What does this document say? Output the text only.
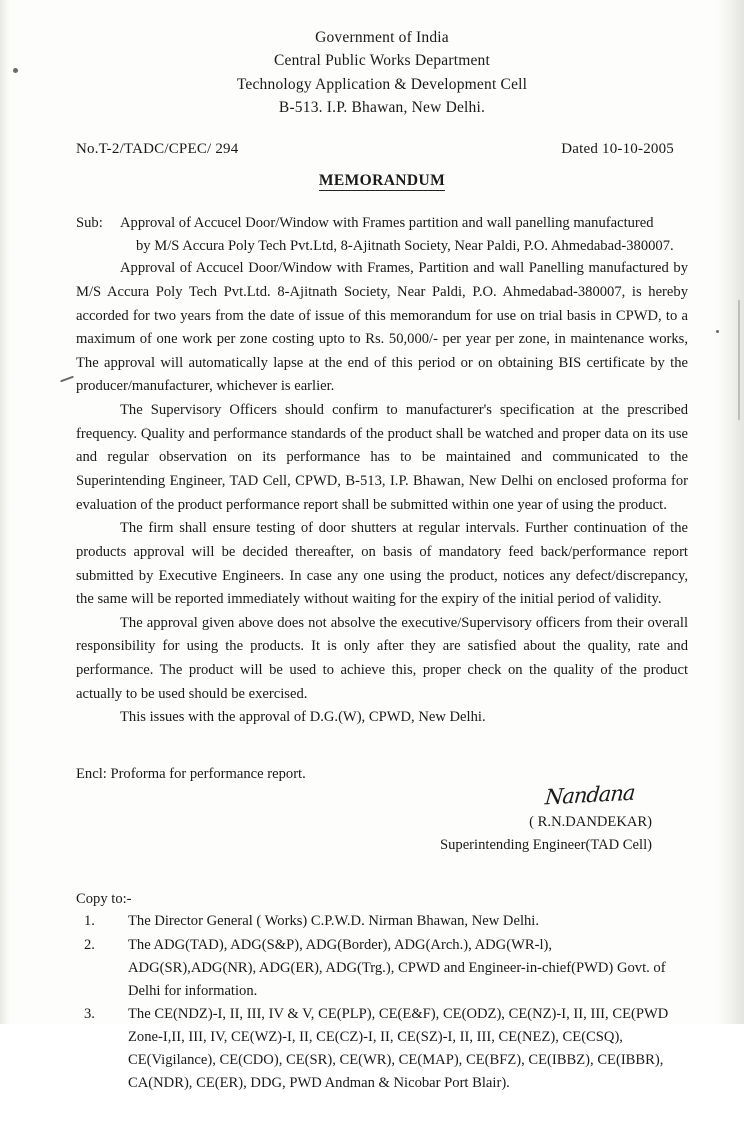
Government of India
Central Public Works Department
Technology Application & Development Cell
B-513. I.P. Bhawan, New Delhi.
No.T-2/TADC/CPEC/ 294	Dated 10-10-2005
MEMORANDUM
Sub:	Approval of Accucel Door/Window with Frames partition and wall panelling manufactured
by M/S Accura Poly Tech Pvt.Ltd, 8-Ajitnath Society, Near Paldi, P.O. Ahmedabad-380007.

Approval of Accucel Door/Window with Frames, Partition and wall Panelling manufactured by M/S Accura Poly Tech Pvt.Ltd. 8-Ajitnath Society, Near Paldi, P.O. Ahmedabad-380007, is hereby accorded for two years from the date of issue of this memorandum for use on trial basis in CPWD, to a maximum of one work per zone costing upto to Rs. 50,000/- per year per zone, in maintenance works, The approval will automatically lapse at the end of this period or on obtaining BIS certificate by the producer/manufacturer, whichever is earlier.

The Supervisory Officers should confirm to manufacturer's specification at the prescribed frequency. Quality and performance standards of the product shall be watched and proper data on its use and regular observation on its performance has to be maintained and communicated to the Superintending Engineer, TAD Cell, CPWD, B-513, I.P. Bhawan, New Delhi on enclosed proforma for evaluation of the product performance report shall be submitted within one year of using the product.

The firm shall ensure testing of door shutters at regular intervals. Further continuation of the products approval will be decided thereafter, on basis of mandatory feed back/performance report submitted by Executive Engineers. In case any one using the product, notices any defect/discrepancy, the same will be reported immediately without waiting for the expiry of the initial period of validity.

The approval given above does not absolve the executive/Supervisory officers from their overall responsibility for using the products. It is only after they are satisfied about the quality, rate and performance. The product will be used to achieve this, proper check on the quality of the product actually to be used should be exercised.

This issues with the approval of D.G.(W), CPWD, New Delhi.

Encl: Proforma for performance report.
Nandana
( R.N.DANDEKAR)
Superintending Engineer(TAD Cell)
Copy to:-
1.	The Director General ( Works) C.P.W.D. Nirman Bhawan, New Delhi.
2.	The ADG(TAD), ADG(S&P), ADG(Border), ADG(Arch.), ADG(WR-l),
ADG(SR),ADG(NR), ADG(ER), ADG(Trg.), CPWD and Engineer-in-chief(PWD) Govt. of
Delhi for information.
3.	The CE(NDZ)-I, II, III, IV & V, CE(PLP), CE(E&F), CE(ODZ), CE(NZ)-I, II, III, CE(PWD
Zone-I,II, III, IV, CE(WZ)-I, II, CE(CZ)-I, II, CE(SZ)-I, II, III, CE(NEZ), CE(CSQ),
CE(Vigilance), CE(CDO), CE(SR), CE(WR), CE(MAP), CE(BFZ), CE(IBBZ), CE(IBBR),
CA(NDR), CE(ER), DDG, PWD Andman & Nicobar Port Blair).
